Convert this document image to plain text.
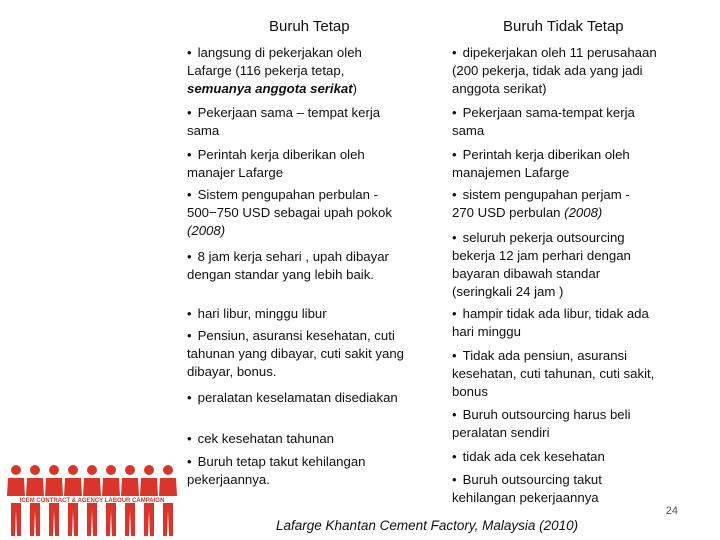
Buruh Tetap	Buruh Tidak Tetap
• langsung di pekerjakan oleh
Lafarge (116 pekerja tetap,
semuanya anggota serikat)
• Pekerjaan sama – tempat kerja
sama
• Perintah kerja diberikan oleh
manajer Lafarge
• Sistem pengupahan perbulan -
500−750 USD sebagai upah pokok
(2008)
• 8 jam kerja sehari , upah dibayar
dengan standar yang lebih baik.
• hari libur, minggu libur
• Pensiun, asuransi kesehatan, cuti
tahunan yang dibayar, cuti sakit yang
dibayar, bonus.
• peralatan keselamatan disediakan
• cek kesehatan tahunan
• Buruh tetap takut kehilangan
pekerjaannya.
• dipekerjakan oleh 11 perusahaan
(200 pekerja, tidak ada yang jadi
anggota serikat)
• Pekerjaan sama-tempat kerja
sama
• Perintah kerja diberikan oleh
manajemen Lafarge
• sistem pengupahan perjam -
270 USD perbulan (2008)
• seluruh pekerja outsourcing
bekerja 12 jam perhari dengan
bayaran dibawah standar
(seringkali 24 jam )
• hampir tidak ada libur, tidak ada
hari minggu
• Tidak ada pensiun, asuransi
kesehatan, cuti tahunan, cuti sakit,
bonus
• Buruh outsourcing harus beli
peralatan sendiri
• tidak ada cek kesehatan
• Buruh outsourcing takut
kehilangan pekerjaannya
ICEM CONTRACT & AGENCY LABOUR CAMPAIGN
Lafarge Khantan Cement Factory, Malaysia (2010)
24
